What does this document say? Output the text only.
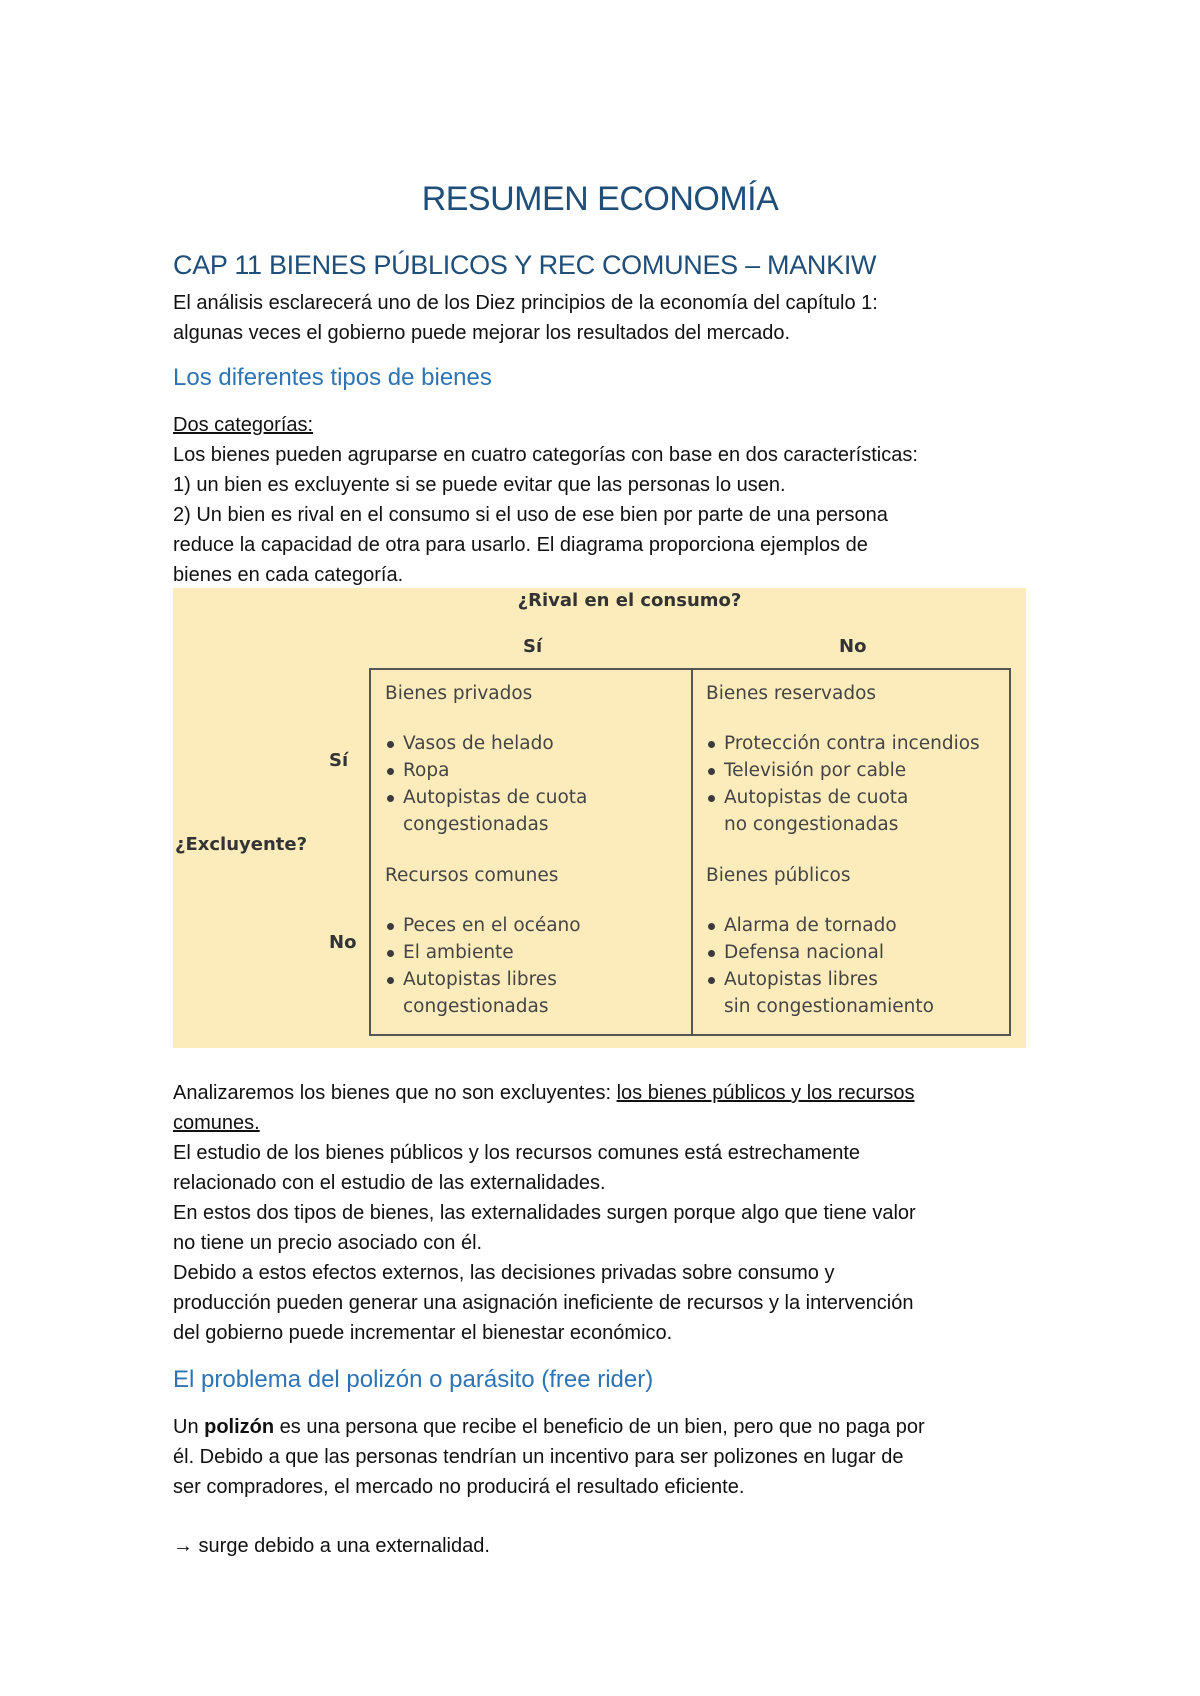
RESUMEN ECONOMÍA
CAP 11 BIENES PÚBLICOS Y REC COMUNES – MANKIW
El análisis esclarecerá uno de los Diez principios de la economía del capítulo 1:
algunas veces el gobierno puede mejorar los resultados del mercado.
Los diferentes tipos de bienes
Dos categorías:
Los bienes pueden agruparse en cuatro categorías con base en dos características:
1) un bien es excluyente si se puede evitar que las personas lo usen.
2) Un bien es rival en el consumo si el uso de ese bien por parte de una persona
reduce la capacidad de otra para usarlo. El diagrama proporciona ejemplos de
bienes en cada categoría.
¿Rival en el consumo?
Sí	No
¿Excluyente?
Sí
No
Bienes privados
Vasos de helado
Ropa
Autopistas de cuota
congestionadas
Bienes reservados
Protección contra incendios
Televisión por cable
Autopistas de cuota
no congestionadas
Recursos comunes
Peces en el océano
El ambiente
Autopistas libres
congestionadas
Bienes públicos
Alarma de tornado
Defensa nacional
Autopistas libres
sin congestionamiento
Analizaremos los bienes que no son excluyentes: los bienes públicos y los recursos
comunes.
El estudio de los bienes públicos y los recursos comunes está estrechamente
relacionado con el estudio de las externalidades.
En estos dos tipos de bienes, las externalidades surgen porque algo que tiene valor
no tiene un precio asociado con él.
Debido a estos efectos externos, las decisiones privadas sobre consumo y
producción pueden generar una asignación ineficiente de recursos y la intervención
del gobierno puede incrementar el bienestar económico.
El problema del polizón o parásito (free rider)
Un polizón es una persona que recibe el beneficio de un bien, pero que no paga por
él. Debido a que las personas tendrían un incentivo para ser polizones en lugar de
ser compradores, el mercado no producirá el resultado eficiente.
→ surge debido a una externalidad.
